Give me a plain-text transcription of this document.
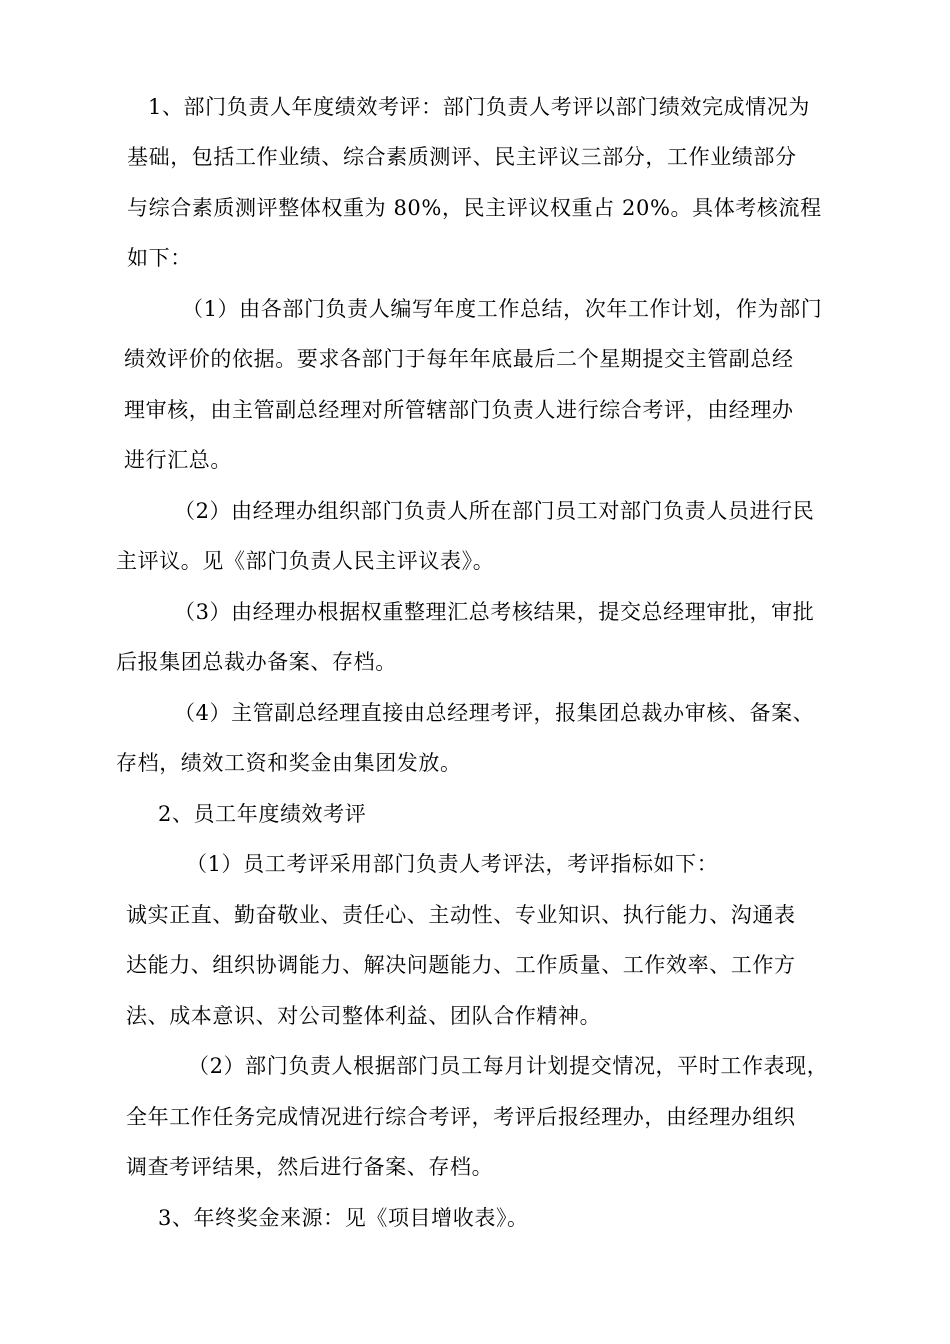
1、部门负责人年度绩效考评：部门负责人考评以部门绩效完成情况为
基础，包括工作业绩、综合素质测评、民主评议三部分，工作业绩部分
与综合素质测评整体权重为 80%，民主评议权重占 20%。具体考核流程
如下：
（1）由各部门负责人编写年度工作总结，次年工作计划，作为部门
绩效评价的依据。要求各部门于每年年底最后二个星期提交主管副总经
理审核，由主管副总经理对所管辖部门负责人进行综合考评，由经理办
进行汇总。
（2）由经理办组织部门负责人所在部门员工对部门负责人员进行民
主评议。见《部门负责人民主评议表》。
（3）由经理办根据权重整理汇总考核结果，提交总经理审批，审批
后报集团总裁办备案、存档。
（4）主管副总经理直接由总经理考评，报集团总裁办审核、备案、
存档，绩效工资和奖金由集团发放。
2、员工年度绩效考评
（1）员工考评采用部门负责人考评法，考评指标如下：
诚实正直、勤奋敬业、责任心、主动性、专业知识、执行能力、沟通表
达能力、组织协调能力、解决问题能力、工作质量、工作效率、工作方
法、成本意识、对公司整体利益、团队合作精神。
（2）部门负责人根据部门员工每月计划提交情况，平时工作表现，
全年工作任务完成情况进行综合考评，考评后报经理办，由经理办组织
调查考评结果，然后进行备案、存档。
3、年终奖金来源：见《项目增收表》。
